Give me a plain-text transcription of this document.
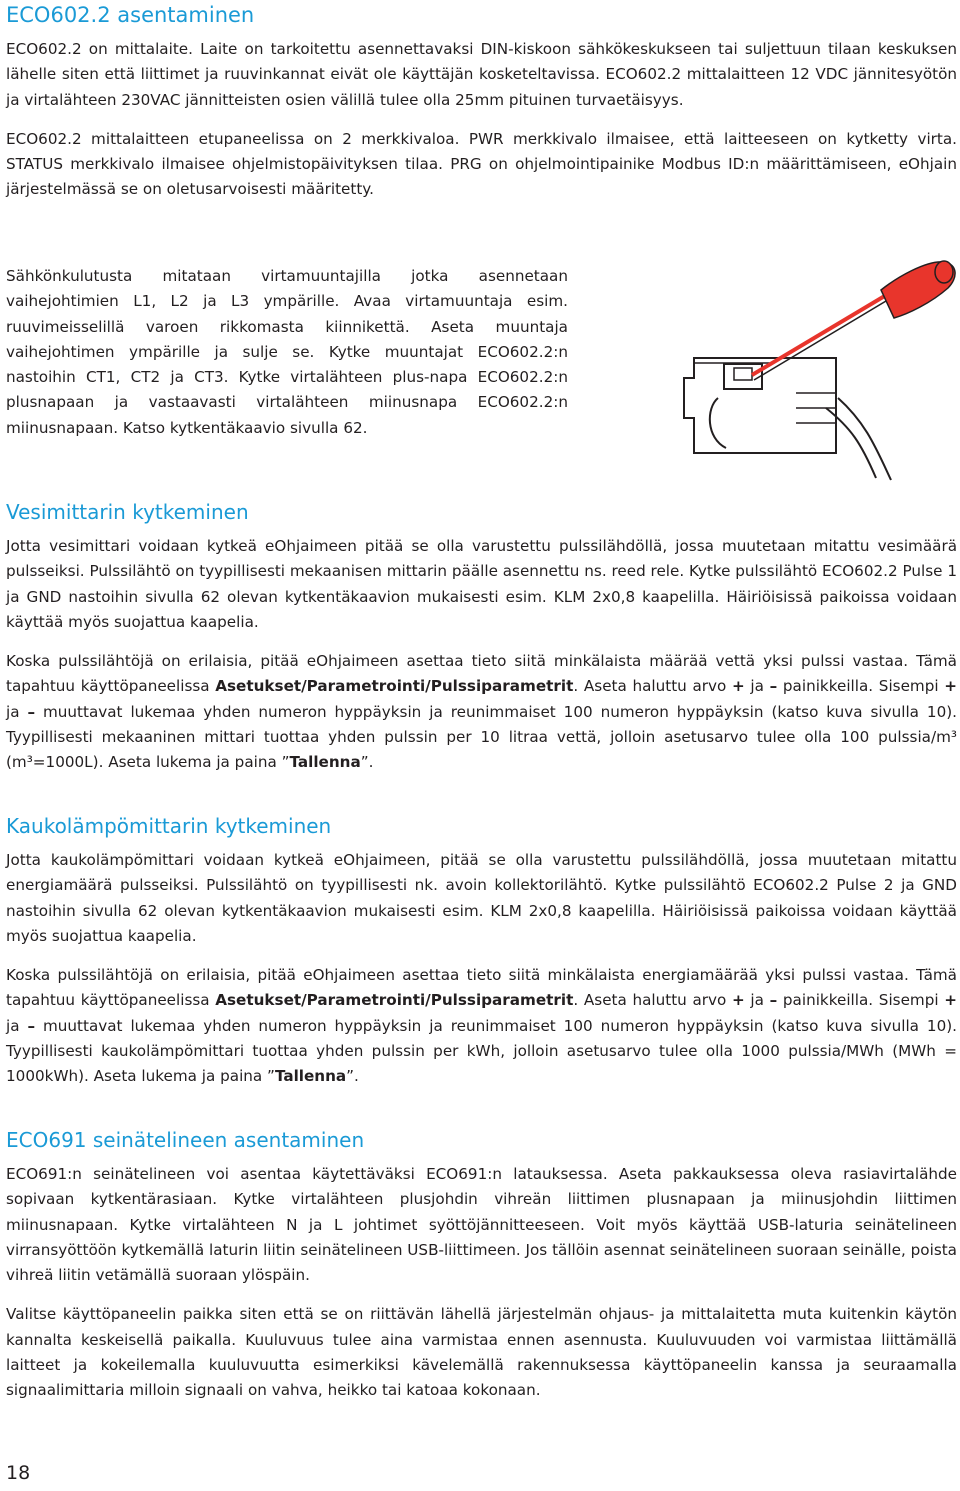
ECO602.2 asentaminen

ECO602.2 on mittalaite. Laite on tarkoitettu asennettavaksi DIN-kiskoon sähkökeskukseen tai suljettuun tilaan keskuksen lähelle siten että liittimet ja ruuvinkannat eivät ole käyttäjän kosketeltavissa. ECO602.2 mittalaitteen 12 VDC jännitesyötön ja virtalähteen 230VAC jännitteisten osien välillä tulee olla 25mm pituinen turvaetäisyys.

ECO602.2 mittalaitteen etupaneelissa on 2 merkkivaloa. PWR merkkivalo ilmaisee, että laitteeseen on kytketty virta. STATUS merkkivalo ilmaisee ohjelmistopäivityksen tilaa. PRG on ohjelmointipainike Modbus ID:n määrittämiseen, eOhjain järjestelmässä se on oletusarvoisesti määritetty.

Sähkönkulutusta mitataan virtamuuntajilla jotka asennetaan vaihejohtimien L1, L2 ja L3 ympärille. Avaa virtamuuntaja esim. ruuvimeisselillä varoen rikkomasta kiinnikettä. Aseta muuntaja vaihejohtimen ympärille ja sulje se. Kytke muuntajat ECO602.2:n nastoihin CT1, CT2 ja CT3. Kytke virtalähteen plus-napa ECO602.2:n plusnapaan ja vastaavasti virtalähteen miinusnapa ECO602.2:n miinusnapaan. Katso kytkentäkaavio sivulla 62.

Vesimittarin kytkeminen

Jotta vesimittari voidaan kytkeä eOhjaimeen pitää se olla varustettu pulssilähdöllä, jossa muutetaan mitattu vesimäärä pulsseiksi. Pulssilähtö on tyypillisesti mekaanisen mittarin päälle asennettu ns. reed rele. Kytke pulssilähtö ECO602.2 Pulse 1 ja GND nastoihin sivulla 62 olevan kytkentäkaavion mukaisesti esim. KLM 2x0,8 kaapelilla. Häiriöisissä paikoissa voidaan käyttää myös suojattua kaapelia.

Koska pulssilähtöjä on erilaisia, pitää eOhjaimeen asettaa tieto siitä minkälaista määrää vettä yksi pulssi vastaa. Tämä tapahtuu käyttöpaneelissa Asetukset/Parametrointi/Pulssiparametrit. Aseta haluttu arvo + ja – painikkeilla. Sisempi + ja – muuttavat lukemaa yhden numeron hyppäyksin ja reunimmaiset 100 numeron hyppäyksin (katso kuva sivulla 10). Tyypillisesti mekaaninen mittari tuottaa yhden pulssin per 10 litraa vettä, jolloin asetusarvo tulee olla 100 pulssia/m³ (m³=1000L). Aseta lukema ja paina ”Tallenna”.

Kaukolämpömittarin kytkeminen

Jotta kaukolämpömittari voidaan kytkeä eOhjaimeen, pitää se olla varustettu pulssilähdöllä, jossa muutetaan mitattu energiamäärä pulsseiksi. Pulssilähtö on tyypillisesti nk. avoin kollektorilähtö. Kytke pulssilähtö ECO602.2 Pulse 2 ja GND nastoihin sivulla 62 olevan kytkentäkaavion mukaisesti esim. KLM 2x0,8 kaapelilla. Häiriöisissä paikoissa voidaan käyttää myös suojattua kaapelia.

Koska pulssilähtöjä on erilaisia, pitää eOhjaimeen asettaa tieto siitä minkälaista energiamäärää yksi pulssi vastaa. Tämä tapahtuu käyttöpaneelissa Asetukset/Parametrointi/Pulssiparametrit. Aseta haluttu arvo + ja – painikkeilla. Sisempi + ja – muuttavat lukemaa yhden numeron hyppäyksin ja reunimmaiset 100 numeron hyppäyksin (katso kuva sivulla 10). Tyypillisesti kaukolämpömittari tuottaa yhden pulssin per kWh, jolloin asetusarvo tulee olla 1000 pulssia/MWh (MWh = 1000kWh). Aseta lukema ja paina ”Tallenna”.

ECO691 seinätelineen asentaminen

ECO691:n seinätelineen voi asentaa käytettäväksi ECO691:n latauksessa. Aseta pakkauksessa oleva rasiavirtalähde sopivaan kytkentärasiaan. Kytke virtalähteen plusjohdin vihreän liittimen plusnapaan ja miinusjohdin liittimen miinusnapaan. Kytke virtalähteen N ja L johtimet syöttöjännitteeseen. Voit myös käyttää USB-laturia seinätelineen virransyöttöön kytkemällä laturin liitin seinätelineen USB-liittimeen. Jos tällöin asennat seinätelineen suoraan seinälle, poista vihreä liitin vetämällä suoraan ylöspäin.

Valitse käyttöpaneelin paikka siten että se on riittävän lähellä järjestelmän ohjaus- ja mittalaitetta muta kuitenkin käytön kannalta keskeisellä paikalla. Kuuluvuus tulee aina varmistaa ennen asennusta. Kuuluvuuden voi varmistaa liittämällä laitteet ja kokeilemalla kuuluvuutta esimerkiksi kävelemällä rakennuksessa käyttöpaneelin kanssa ja seuraamalla signaalimittaria milloin signaali on vahva, heikko tai katoaa kokonaan.

18
